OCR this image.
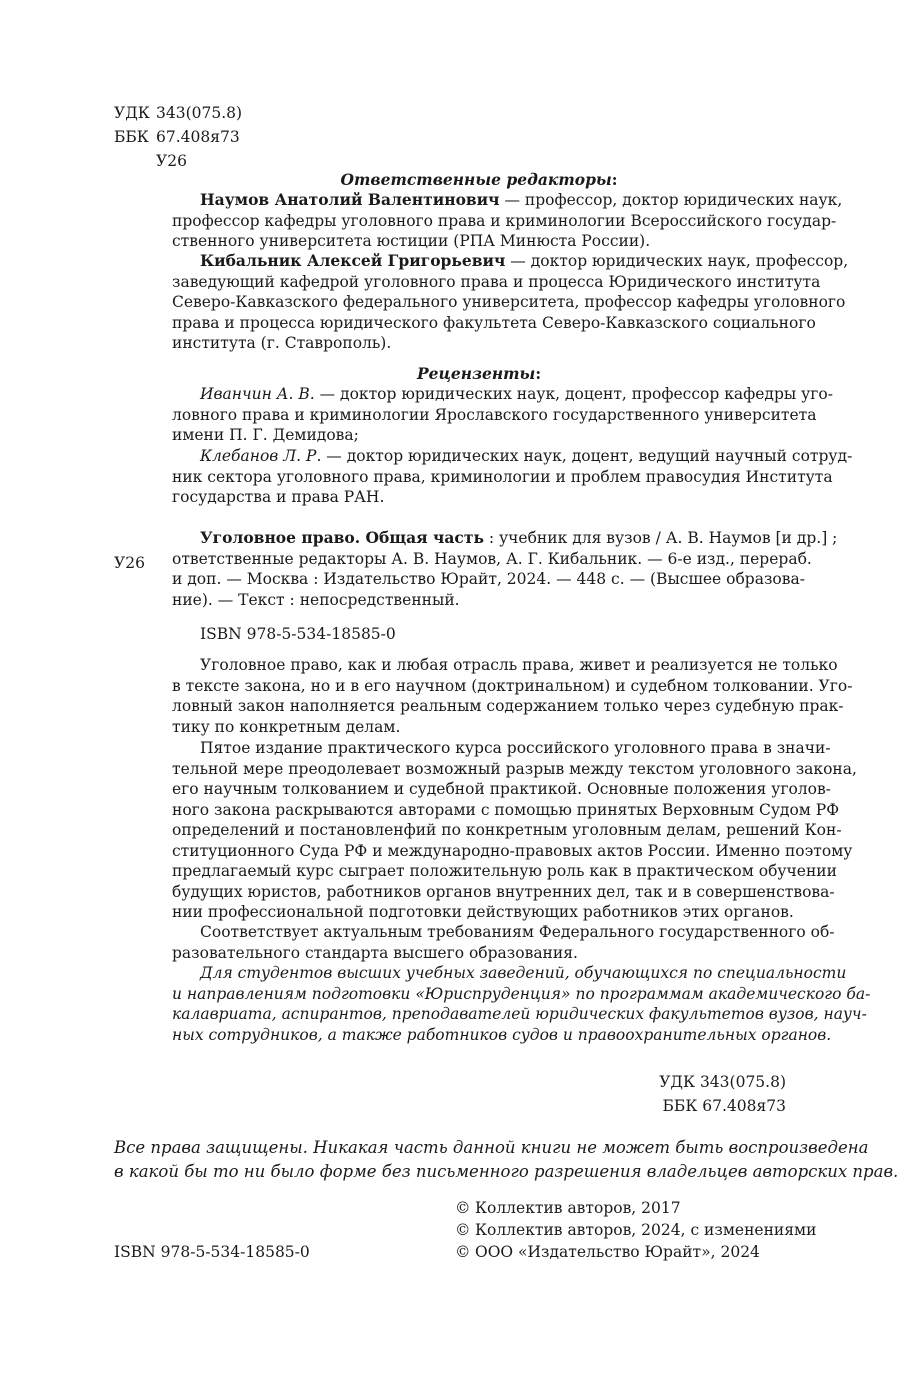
УДК 343(075.8)
ББК 67.408я73
У26
Ответственные редакторы:
Наумов Анатолий Валентинович — профессор, доктор юридических наук,
профессор кафедры уголовного права и криминологии Всероссийского государ-
ственного университета юстиции (РПА Минюста России).
Кибальник Алексей Григорьевич — доктор юридических наук, профессор,
заведующий кафедрой уголовного права и процесса Юридического института
Северо-Кавказского федерального университета, профессор кафедры уголовного
права и процесса юридического факультета Северо-Кавказского социального
института (г. Ставрополь).
Рецензенты:
Иванчин А. В. — доктор юридических наук, доцент, профессор кафедры уго-
ловного права и криминологии Ярославского государственного университета
имени П. Г. Демидова;
Клебанов Л. Р. — доктор юридических наук, доцент, ведущий научный сотруд-
ник сектора уголовного права, криминологии и проблем правосудия Института
государства и права РАН.
У26
Уголовное право. Общая часть : учебник для вузов / А. В. Наумов [и др.] ;
ответственные редакторы А. В. Наумов, А. Г. Кибальник. — 6-е изд., перераб.
и доп. — Москва : Издательство Юрайт, 2024. — 448 с. — (Высшее образова-
ние). — Текст : непосредственный.
ISBN 978-5-534-18585-0
Уголовное право, как и любая отрасль права, живет и реализуется не только
в тексте закона, но и в его научном (доктринальном) и судебном толковании. Уго-
ловный закон наполняется реальным содержанием только через судебную прак-
тику по конкретным делам.
Пятое издание практического курса российского уголовного права в значи-
тельной мере преодолевает возможный разрыв между текстом уголовного закона,
его научным толкованием и судебной практикой. Основные положения уголов-
ного закона раскрываются авторами с помощью принятых Верховным Судом РФ
определений и постановленфий по конкретным уголовным делам, решений Кон-
ституционного Суда РФ и международно-правовых актов России. Именно поэтому
предлагаемый курс сыграет положительную роль как в практическом обучении
будущих юристов, работников органов внутренних дел, так и в совершенствова-
нии профессиональной подготовки действующих работников этих органов.
Соответствует актуальным требованиям Федерального государственного об-
разовательного стандарта высшего образования.
Для студентов высших учебных заведений, обучающихся по специальности
и направлениям подготовки «Юриспруденция» по программам академического ба-
калавриата, аспирантов, преподавателей юридических факультетов вузов, науч-
ных сотрудников, а также работников судов и правоохранительных органов.
УДК 343(075.8)
ББК 67.408я73
Все права защищены. Никакая часть данной книги не может быть воспроизведена
в какой бы то ни было форме без письменного разрешения владельцев авторских прав.
© Коллектив авторов, 2017
© Коллектив авторов, 2024, с изменениями
© ООО «Издательство Юрайт», 2024
ISBN 978-5-534-18585-0
